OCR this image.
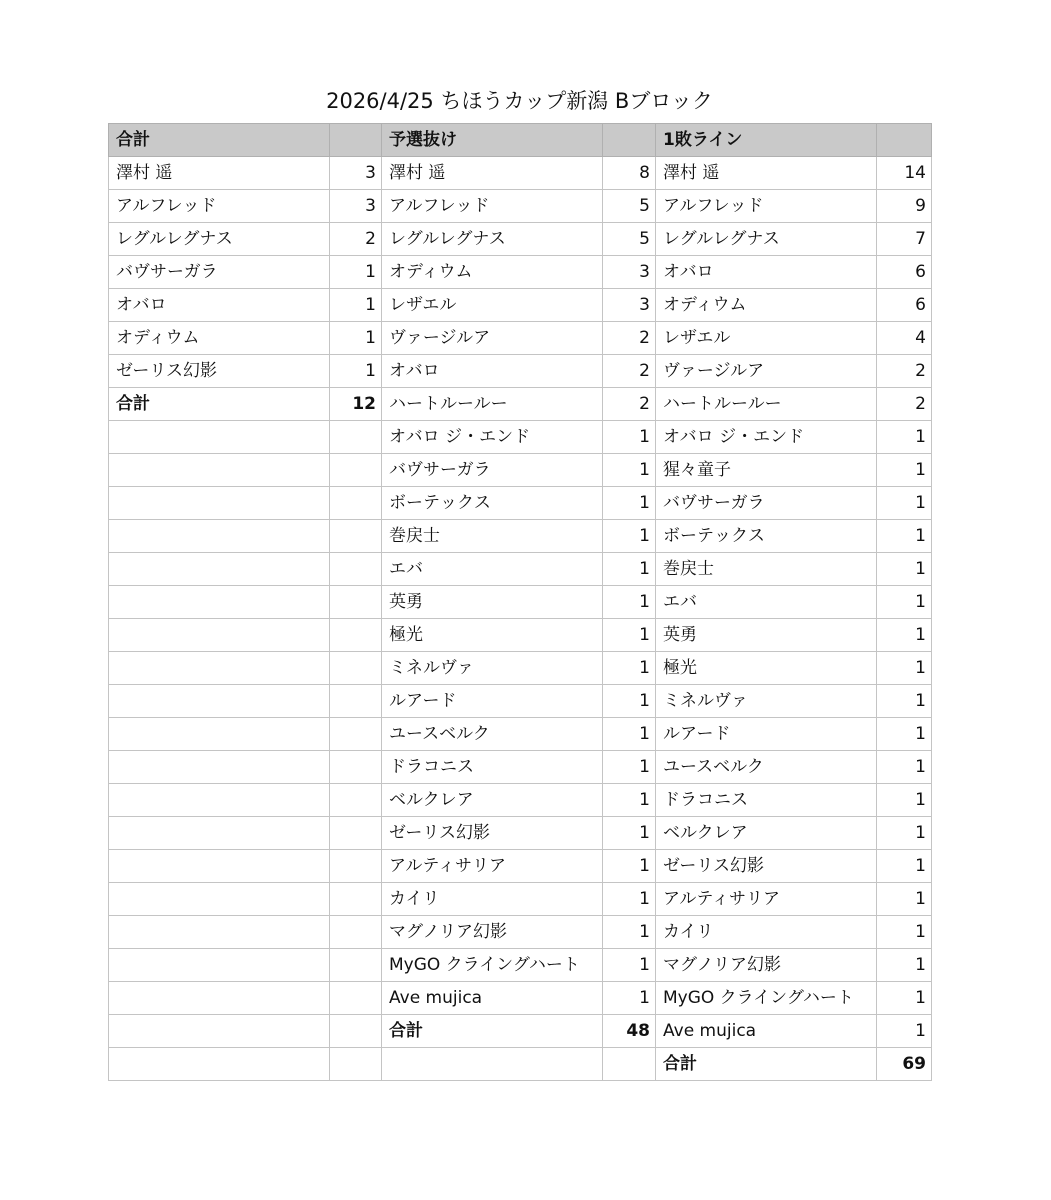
2026/4/25 ちほうカップ新潟 Bブロック
合計		予選抜け		1敗ライン	
澤村 遥	3	澤村 遥	8	澤村 遥	14
アルフレッド	3	アルフレッド	5	アルフレッド	9
レグルレグナス	2	レグルレグナス	5	レグルレグナス	7
バヴサーガラ	1	オディウム	3	オバロ	6
オバロ	1	レザエル	3	オディウム	6
オディウム	1	ヴァージルア	2	レザエル	4
ゼーリス幻影	1	オバロ	2	ヴァージルア	2
合計	12	ハートルールー	2	ハートルールー	2
		オバロ ジ・エンド	1	オバロ ジ・エンド	1
		バヴサーガラ	1	猩々童子	1
		ボーテックス	1	バヴサーガラ	1
		巻戻士	1	ボーテックス	1
		エバ	1	巻戻士	1
		英勇	1	エバ	1
		極光	1	英勇	1
		ミネルヴァ	1	極光	1
		ルアード	1	ミネルヴァ	1
		ユースベルク	1	ルアード	1
		ドラコニス	1	ユースベルク	1
		ベルクレア	1	ドラコニス	1
		ゼーリス幻影	1	ベルクレア	1
		アルティサリア	1	ゼーリス幻影	1
		カイリ	1	アルティサリア	1
		マグノリア幻影	1	カイリ	1
		MyGO クライングハート	1	マグノリア幻影	1
		Ave mujica	1	MyGO クライングハート	1
		合計	48	Ave mujica	1
				合計	69
